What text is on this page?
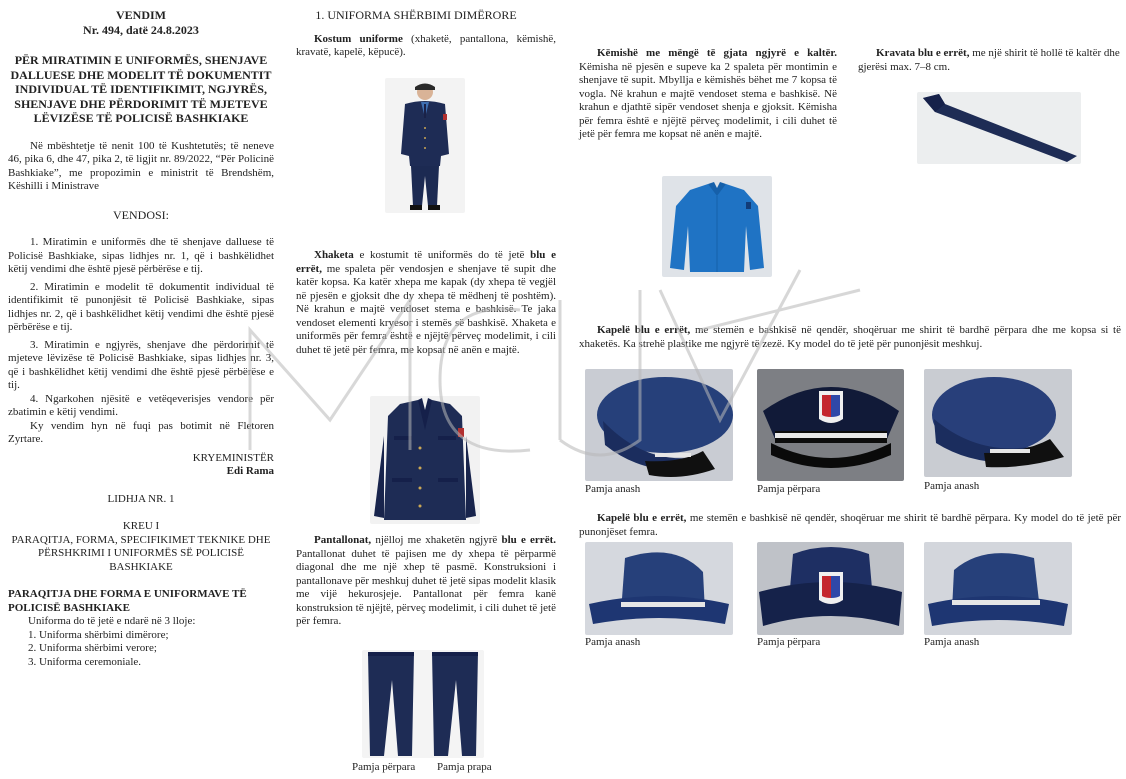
VENDIM

Nr. 494, datë 24.8.2023

PËR MIRATIMIN E UNIFORMËS, SHENJAVE DALLUESE DHE MODELIT TË DOKUMENTIT INDIVIDUAL TË IDENTIFIKIMIT, NGJYRËS, SHENJAVE DHE PËRDORIMIT TË MJETEVE LËVIZËSE TË POLICISË BASHKIAKE

Në mbështetje të nenit 100 të Kushtetutës; të neneve 46, pika 6, dhe 47, pika 2, të ligjit nr. 89/2022, “Për Policinë Bashkiake”, me propozimin e ministrit të Brendshëm, Këshilli i Ministrave

VENDOSI:

1. Miratimin e uniformës dhe të shenjave dalluese të Policisë Bashkiake, sipas lidhjes nr. 1, që i bashkëlidhet këtij vendimi dhe është pjesë përbërëse e tij.

2. Miratimin e modelit të dokumentit individual të identifikimit të punonjësit të Policisë Bashkiake, sipas lidhjes nr. 2, që i bashkëlidhet këtij vendimi dhe është pjesë përbërëse e tij.

3. Miratimin e ngjyrës, shenjave dhe përdorimit të mjeteve lëvizëse të Policisë Bashkiake, sipas lidhjes nr. 3, që i bashkëlidhet këtij vendimi dhe është pjesë përbërëse e tij.

4. Ngarkohen njësitë e vetëqeverisjes vendore për zbatimin e këtij vendimi.

Ky vendim hyn në fuqi pas botimit në Fletoren Zyrtare.

KRYEMINISTËR

Edi Rama

LIDHJA NR. 1

KREU I

PARAQITJA, FORMA, SPECIFIKIMET TEKNIKE DHE PËRSHKRIMI I UNIFORMËS SË POLICISË BASHKIAKE

PARAQITJA DHE FORMA E UNIFORMAVE TË POLICISË BASHKIAKE

Uniforma do të jetë e ndarë në 3 lloje:

1. Uniforma shërbimi dimërore;

2. Uniforma shërbimi verore;

3. Uniforma ceremoniale.

1. UNIFORMA SHËRBIMI DIMËRORE

Kostum uniforme (xhaketë, pantallona, këmishë, kravatë, kapelë, këpucë).

Xhaketa e kostumit të uniformës do të jetë blu e errët, me spaleta për vendosjen e shenjave të supit dhe katër kopsa. Ka katër xhepa me kapak (dy xhepa të vegjël në pjesën e gjoksit dhe dy xhepa të mëdhenj të poshtëm). Në krahun e majtë vendoset stema e bashkisë. Te jaka vendoset elementi kryesor i stemës së bashkisë. Xhaketa e uniformës për femra është e njëjtë përveç modelimit, i cili duhet të jetë për femra, me kopsat në anën e majtë.

Pantallonat, njëlloj me xhaketën ngjyrë blu e errët. Pantallonat duhet të pajisen me dy xhepa të përparmë diagonal dhe me një xhep të pasmë. Konstruksioni i pantallonave për meshkuj duhet të jetë sipas modelit klasik me vijë hekurosjeje. Pantallonat për femra kanë konstruksion të njëjtë, përveç modelimit, i cili duhet të jetë për femra.

Pamja përpara Pamja prapa

Këmishë me mëngë të gjata ngjyrë e kaltër. Këmisha në pjesën e supeve ka 2 spaleta për montimin e shenjave të supit. Mbyllja e këmishës bëhet me 7 kopsa të vogla. Në krahun e majtë vendoset stema e bashkisë. Në krahun e djathtë sipër vendoset shenja e gjoksit. Këmisha për femra është e njëjtë përveç modelimit, i cili duhet të jetë për femra me kopsat në anën e majtë.

Kravata blu e errët, me një shirit të hollë të kaltër dhe gjerësi max. 7–8 cm.

Kapelë blu e errët, me stemën e bashkisë në qendër, shoqëruar me shirit të bardhë përpara dhe me kopsa si të xhaketës. Ka strehë plastike me ngjyrë të zezë. Ky model do të jetë për punonjësit meshkuj.

Pamja anash	Pamja përpara	Pamja anash

Kapelë blu e errët, me stemën e bashkisë në qendër, shoqëruar me shirit të bardhë përpara. Ky model do të jetë për punonjëset femra.

Pamja anash	Pamja përpara	Pamja anash
